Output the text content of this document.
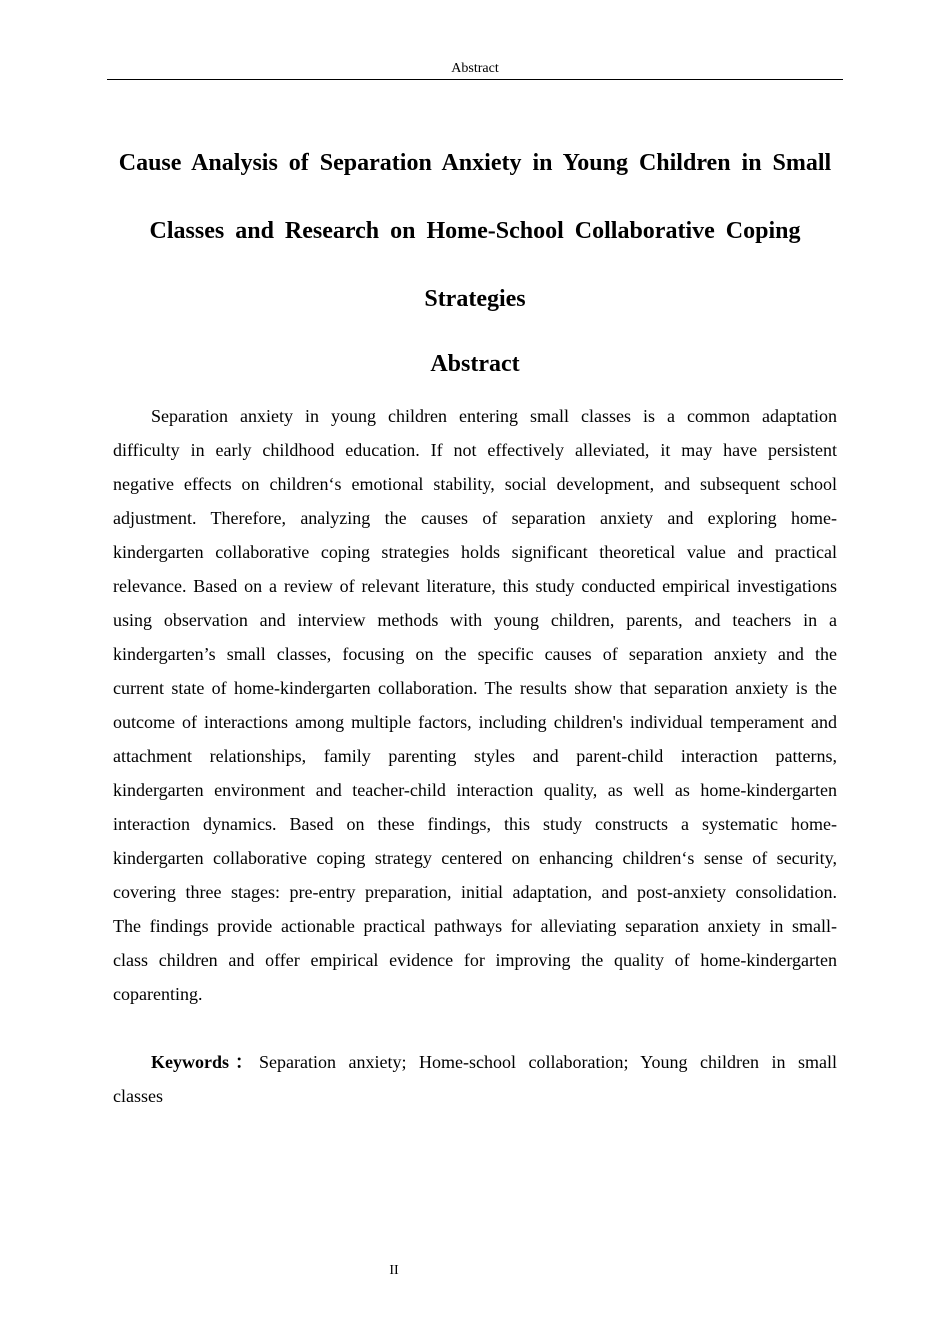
Abstract
Cause Analysis of Separation Anxiety in Young Children in Small Classes and Research on Home-School Collaborative Coping Strategies
Abstract

Separation anxiety in young children entering small classes is a common adaptation difficulty in early childhood education. If not effectively alleviated, it may have persistent negative effects on children‘s emotional stability, social development, and subsequent school adjustment. Therefore, analyzing the causes of separation anxiety and exploring home-kindergarten collaborative coping strategies holds significant theoretical value and practical relevance. Based on a review of relevant literature, this study conducted empirical investigations using observation and interview methods with young children, parents, and teachers in a kindergarten’s small classes, focusing on the specific causes of separation anxiety and the current state of home-kindergarten collaboration. The results show that separation anxiety is the outcome of interactions among multiple factors, including children's individual temperament and attachment relationships, family parenting styles and parent-child interaction patterns, kindergarten environment and teacher-child interaction quality, as well as home-kindergarten interaction dynamics. Based on these findings, this study constructs a systematic home-kindergarten collaborative coping strategy centered on enhancing children‘s sense of security, covering three stages: pre-entry preparation, initial adaptation, and post-anxiety consolidation. The findings provide actionable practical pathways for alleviating separation anxiety in small-class children and offer empirical evidence for improving the quality of home-kindergarten coparenting.

Keywords：Separation anxiety; Home-school collaboration; Young children in small classes

II
